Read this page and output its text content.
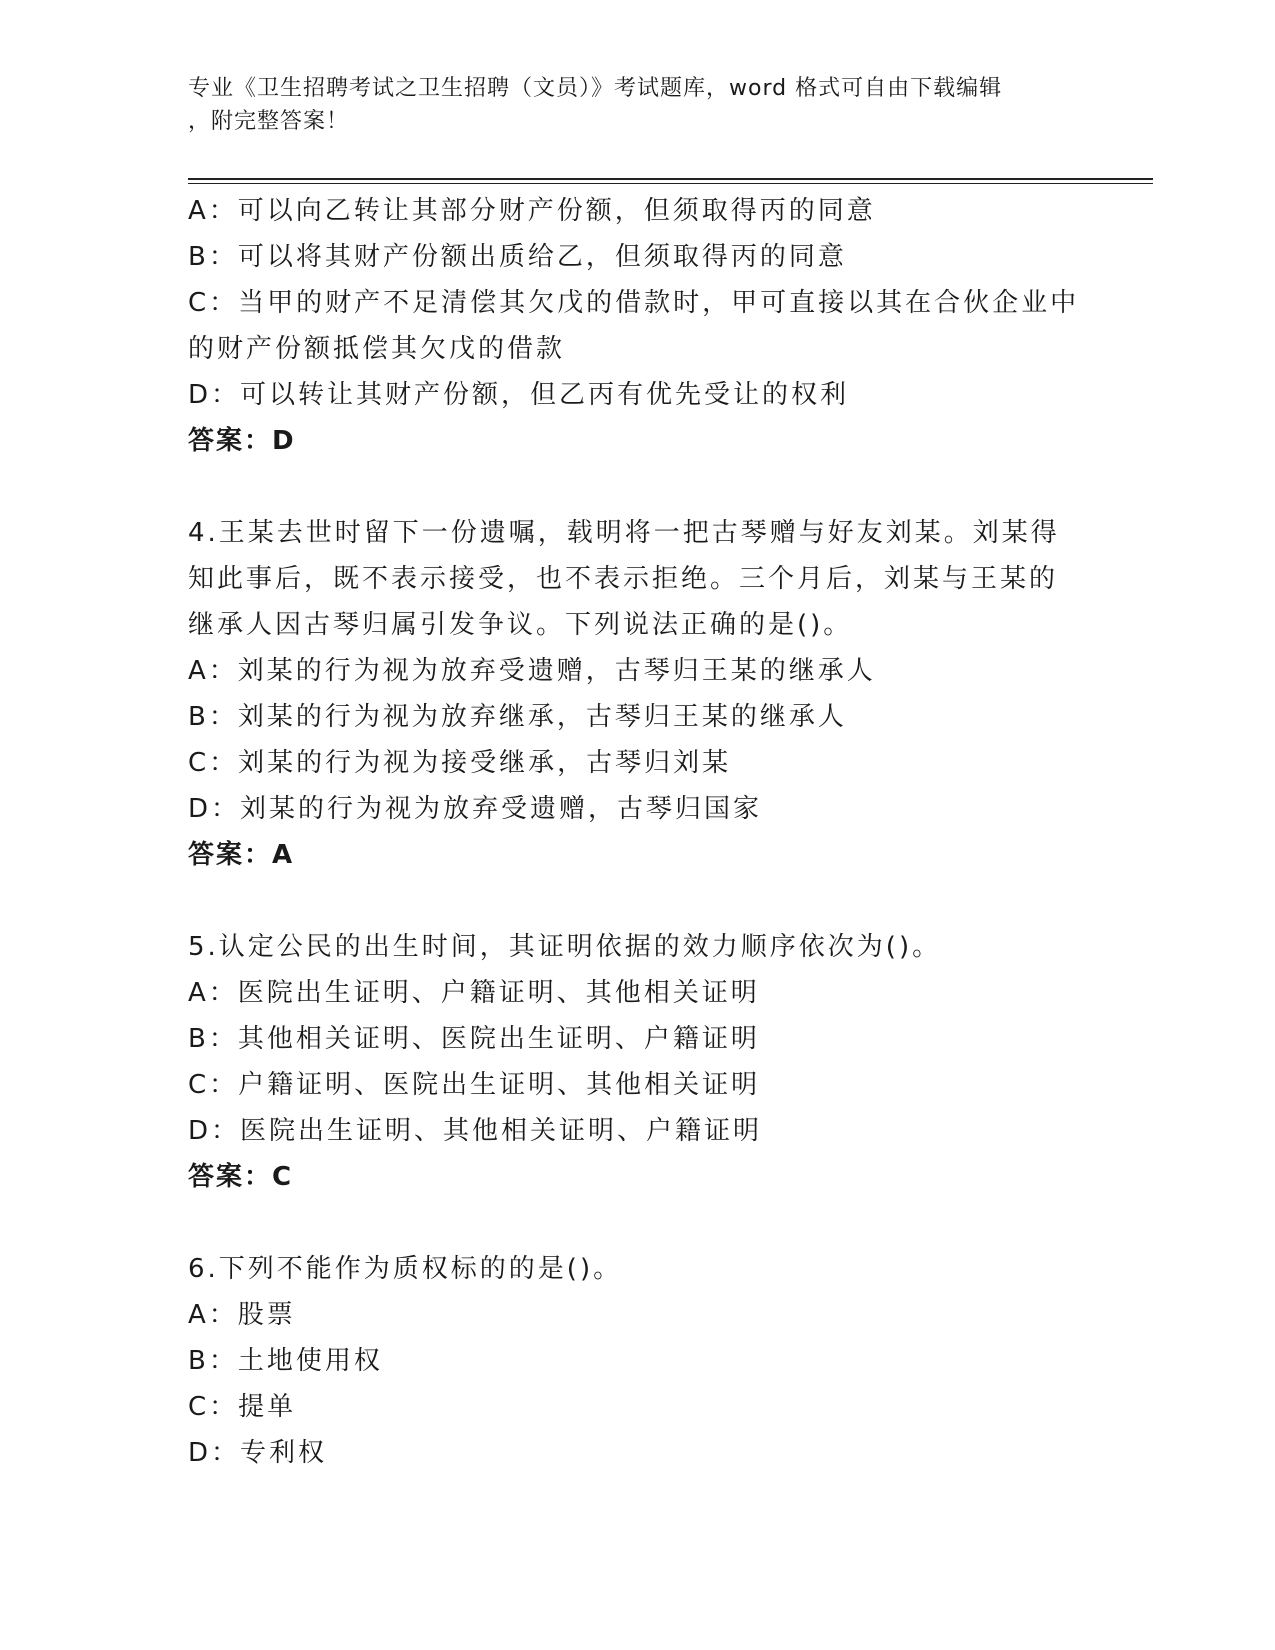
专业《卫生招聘考试之卫生招聘（文员）》考试题库，word 格式可自由下载编辑
，附完整答案！
A：可以向乙转让其部分财产份额，但须取得丙的同意
B：可以将其财产份额出质给乙，但须取得丙的同意
C：当甲的财产不足清偿其欠戊的借款时，甲可直接以其在合伙企业中
的财产份额抵偿其欠戊的借款
D：可以转让其财产份额，但乙丙有优先受让的权利
答案：D
4.王某去世时留下一份遗嘱，载明将一把古琴赠与好友刘某。刘某得
知此事后，既不表示接受，也不表示拒绝。三个月后，刘某与王某的
继承人因古琴归属引发争议。下列说法正确的是()。
A：刘某的行为视为放弃受遗赠，古琴归王某的继承人
B：刘某的行为视为放弃继承，古琴归王某的继承人
C：刘某的行为视为接受继承，古琴归刘某
D：刘某的行为视为放弃受遗赠，古琴归国家
答案：A
5.认定公民的出生时间，其证明依据的效力顺序依次为()。
A：医院出生证明、户籍证明、其他相关证明
B：其他相关证明、医院出生证明、户籍证明
C：户籍证明、医院出生证明、其他相关证明
D：医院出生证明、其他相关证明、户籍证明
答案：C
6.下列不能作为质权标的的是()。
A：股票
B：土地使用权
C：提单
D：专利权
